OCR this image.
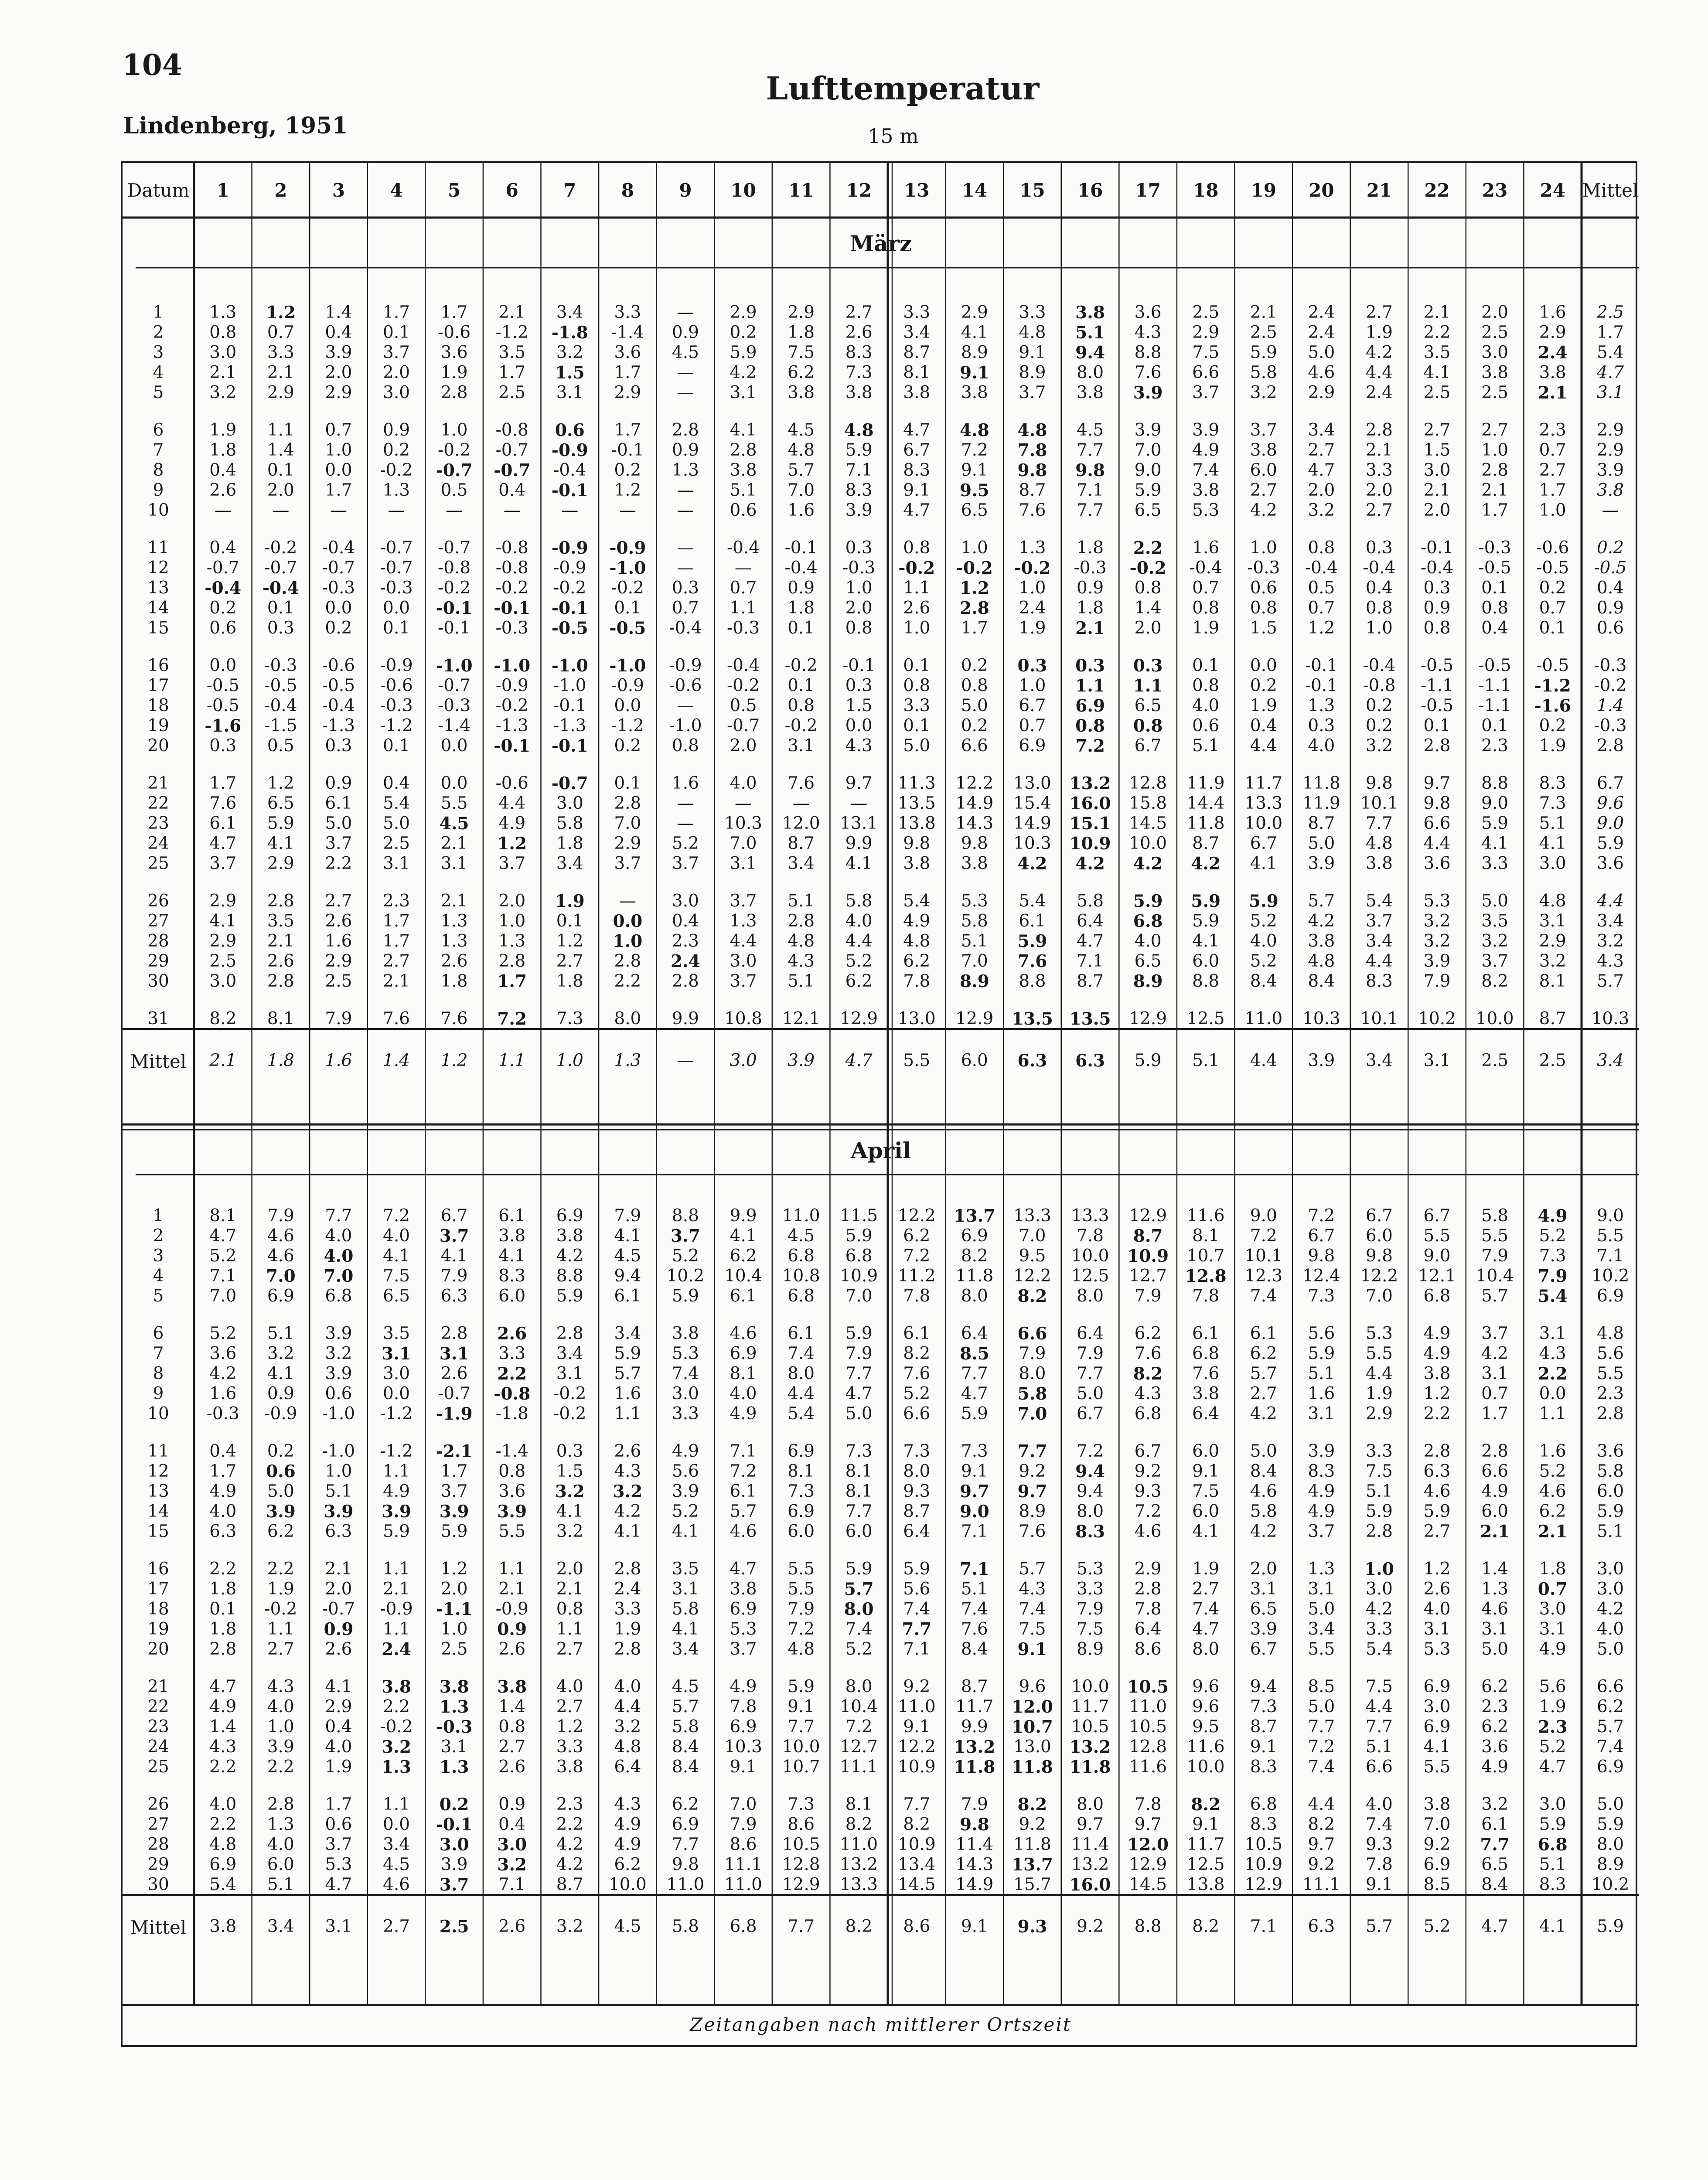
104
Lufttemperatur
Lindenberg, 1951	15 m
Datum	1	2	3	4	5	6	7	8	9	10	11	12	13	14	15	16	17	18	19	20	21	22	23	24 Mittel
März
1	1.3	1.2	1.4	1.7	1.7	2.1	3.4	3.3	—	2.9	2.9	2.7	3.3	2.9	3.3	3.8	3.6	2.5	2.1	2.4	2.7	2.1	2.0	1.6	2.5
2	0.8	0.7	0.4	0.1	-0.6	-1.2	-1.8	-1.4	0.9	0.2	1.8	2.6	3.4	4.1	4.8	5.1	4.3	2.9	2.5	2.4	1.9	2.2	2.5	2.9	1.7
3	3.0	3.3	3.9	3.7	3.6	3.5	3.2	3.6	4.5	5.9	7.5	8.3	8.7	8.9	9.1	9.4	8.8	7.5	5.9	5.0	4.2	3.5	3.0	2.4	5.4
4	2.1	2.1	2.0	2.0	1.9	1.7	1.5	1.7	—	4.2	6.2	7.3	8.1	9.1	8.9	8.0	7.6	6.6	5.8	4.6	4.4	4.1	3.8	3.8	4.7
5	3.2	2.9	2.9	3.0	2.8	2.5	3.1	2.9	—	3.1	3.8	3.8	3.8	3.8	3.7	3.8	3.9	3.7	3.2	2.9	2.4	2.5	2.5	2.1	3.1
6	1.9	1.1	0.7	0.9	1.0	-0.8	0.6	1.7	2.8	4.1	4.5	4.8	4.7	4.8	4.8	4.5	3.9	3.9	3.7	3.4	2.8	2.7	2.7	2.3	2.9
7	1.8	1.4	1.0	0.2	-0.2	-0.7	-0.9	-0.1	0.9	2.8	4.8	5.9	6.7	7.2	7.8	7.7	7.0	4.9	3.8	2.7	2.1	1.5	1.0	0.7	2.9
8	0.4	0.1	0.0	-0.2	-0.7	-0.7	-0.4	0.2	1.3	3.8	5.7	7.1	8.3	9.1	9.8	9.8	9.0	7.4	6.0	4.7	3.3	3.0	2.8	2.7	3.9
9	2.6	2.0	1.7	1.3	0.5	0.4	-0.1	1.2	—	5.1	7.0	8.3	9.1	9.5	8.7	7.1	5.9	3.8	2.7	2.0	2.0	2.1	2.1	1.7	3.8
10	—	—	—	—	—	—	—	—	—	0.6	1.6	3.9	4.7	6.5	7.6	7.7	6.5	5.3	4.2	3.2	2.7	2.0	1.7	1.0	—
11	0.4	-0.2	-0.4	-0.7	-0.7	-0.8	-0.9	-0.9	—	-0.4	-0.1	0.3	0.8	1.0	1.3	1.8	2.2	1.6	1.0	0.8	0.3	-0.1	-0.3	-0.6	0.2
12	-0.7	-0.7	-0.7	-0.7	-0.8	-0.8	-0.9	-1.0	—	—	-0.4	-0.3	-0.2	-0.2	-0.2	-0.3	-0.2	-0.4	-0.3	-0.4	-0.4	-0.4	-0.5	-0.5	-0.5
13	-0.4	-0.4	-0.3	-0.3	-0.2	-0.2	-0.2	-0.2	0.3	0.7	0.9	1.0	1.1	1.2	1.0	0.9	0.8	0.7	0.6	0.5	0.4	0.3	0.1	0.2	0.4
14	0.2	0.1	0.0	0.0	-0.1	-0.1	-0.1	0.1	0.7	1.1	1.8	2.0	2.6	2.8	2.4	1.8	1.4	0.8	0.8	0.7	0.8	0.9	0.8	0.7	0.9
15	0.6	0.3	0.2	0.1	-0.1	-0.3	-0.5	-0.5	-0.4	-0.3	0.1	0.8	1.0	1.7	1.9	2.1	2.0	1.9	1.5	1.2	1.0	0.8	0.4	0.1	0.6
16	0.0	-0.3	-0.6	-0.9	-1.0	-1.0	-1.0	-1.0	-0.9	-0.4	-0.2	-0.1	0.1	0.2	0.3	0.3	0.3	0.1	0.0	-0.1	-0.4	-0.5	-0.5	-0.5	-0.3
17	-0.5	-0.5	-0.5	-0.6	-0.7	-0.9	-1.0	-0.9	-0.6	-0.2	0.1	0.3	0.8	0.8	1.0	1.1	1.1	0.8	0.2	-0.1	-0.8	-1.1	-1.1	-1.2	-0.2
18	-0.5	-0.4	-0.4	-0.3	-0.3	-0.2	-0.1	0.0	—	0.5	0.8	1.5	3.3	5.0	6.7	6.9	6.5	4.0	1.9	1.3	0.2	-0.5	-1.1	-1.6	1.4
19	-1.6	-1.5	-1.3	-1.2	-1.4	-1.3	-1.3	-1.2	-1.0	-0.7	-0.2	0.0	0.1	0.2	0.7	0.8	0.8	0.6	0.4	0.3	0.2	0.1	0.1	0.2	-0.3
20	0.3	0.5	0.3	0.1	0.0	-0.1	-0.1	0.2	0.8	2.0	3.1	4.3	5.0	6.6	6.9	7.2	6.7	5.1	4.4	4.0	3.2	2.8	2.3	1.9	2.8
21	1.7	1.2	0.9	0.4	0.0	-0.6	-0.7	0.1	1.6	4.0	7.6	9.7	11.3	12.2	13.0	13.2	12.8	11.9	11.7	11.8	9.8	9.7	8.8	8.3	6.7
22	7.6	6.5	6.1	5.4	5.5	4.4	3.0	2.8	—	—	—	—	13.5	14.9	15.4	16.0	15.8	14.4	13.3	11.9	10.1	9.8	9.0	7.3	9.6
23	6.1	5.9	5.0	5.0	4.5	4.9	5.8	7.0	—	10.3	12.0	13.1	13.8	14.3	14.9	15.1	14.5	11.8	10.0	8.7	7.7	6.6	5.9	5.1	9.0
24	4.7	4.1	3.7	2.5	2.1	1.2	1.8	2.9	5.2	7.0	8.7	9.9	9.8	9.8	10.3	10.9	10.0	8.7	6.7	5.0	4.8	4.4	4.1	4.1	5.9
25	3.7	2.9	2.2	3.1	3.1	3.7	3.4	3.7	3.7	3.1	3.4	4.1	3.8	3.8	4.2	4.2	4.2	4.2	4.1	3.9	3.8	3.6	3.3	3.0	3.6
26	2.9	2.8	2.7	2.3	2.1	2.0	1.9	—	3.0	3.7	5.1	5.8	5.4	5.3	5.4	5.8	5.9	5.9	5.9	5.7	5.4	5.3	5.0	4.8	4.4
27	4.1	3.5	2.6	1.7	1.3	1.0	0.1	0.0	0.4	1.3	2.8	4.0	4.9	5.8	6.1	6.4	6.8	5.9	5.2	4.2	3.7	3.2	3.5	3.1	3.4
28	2.9	2.1	1.6	1.7	1.3	1.3	1.2	1.0	2.3	4.4	4.8	4.4	4.8	5.1	5.9	4.7	4.0	4.1	4.0	3.8	3.4	3.2	3.2	2.9	3.2
29	2.5	2.6	2.9	2.7	2.6	2.8	2.7	2.8	2.4	3.0	4.3	5.2	6.2	7.0	7.6	7.1	6.5	6.0	5.2	4.8	4.4	3.9	3.7	3.2	4.3
30	3.0	2.8	2.5	2.1	1.8	1.7	1.8	2.2	2.8	3.7	5.1	6.2	7.8	8.9	8.8	8.7	8.9	8.8	8.4	8.4	8.3	7.9	8.2	8.1	5.7
31	8.2	8.1	7.9	7.6	7.6	7.2	7.3	8.0	9.9	10.8	12.1	12.9	13.0	12.9	13.5 13.5	12.9	12.5	11.0	10.3	10.1	10.2	10.0	8.7	10.3
Mittel	2.1	1.8	1.6	1.4	1.2	1.1	1.0	1.3	—	3.0	3.9	4.7	5.5	6.0	6.3	6.3	5.9	5.1	4.4	3.9	3.4	3.1	2.5	2.5	3.4
April
1	8.1	7.9	7.7	7.2	6.7	6.1	6.9	7.9	8.8	9.9	11.0	11.5	12.2	13.7	13.3	13.3	12.9	11.6	9.0	7.2	6.7	6.7	5.8	4.9	9.0
2	4.7	4.6	4.0	4.0	3.7	3.8	3.8	4.1	3.7	4.1	4.5	5.9	6.2	6.9	7.0	7.8	8.7	8.1	7.2	6.7	6.0	5.5	5.5	5.2	5.5
3	5.2	4.6	4.0	4.1	4.1	4.1	4.2	4.5	5.2	6.2	6.8	6.8	7.2	8.2	9.5	10.0	10.9	10.7	10.1	9.8	9.8	9.0	7.9	7.3	7.1
4	7.1	7.0	7.0	7.5	7.9	8.3	8.8	9.4	10.2	10.4	10.8	10.9	11.2	11.8	12.2	12.5	12.7	12.8	12.3	12.4	12.2	12.1	10.4	7.9	10.2
5	7.0	6.9	6.8	6.5	6.3	6.0	5.9	6.1	5.9	6.1	6.8	7.0	7.8	8.0	8.2	8.0	7.9	7.8	7.4	7.3	7.0	6.8	5.7	5.4	6.9
6	5.2	5.1	3.9	3.5	2.8	2.6	2.8	3.4	3.8	4.6	6.1	5.9	6.1	6.4	6.6	6.4	6.2	6.1	6.1	5.6	5.3	4.9	3.7	3.1	4.8
7	3.6	3.2	3.2	3.1	3.1	3.3	3.4	5.9	5.3	6.9	7.4	7.9	8.2	8.5	7.9	7.9	7.6	6.8	6.2	5.9	5.5	4.9	4.2	4.3	5.6
8	4.2	4.1	3.9	3.0	2.6	2.2	3.1	5.7	7.4	8.1	8.0	7.7	7.6	7.7	8.0	7.7	8.2	7.6	5.7	5.1	4.4	3.8	3.1	2.2	5.5
9	1.6	0.9	0.6	0.0	-0.7	-0.8	-0.2	1.6	3.0	4.0	4.4	4.7	5.2	4.7	5.8	5.0	4.3	3.8	2.7	1.6	1.9	1.2	0.7	0.0	2.3
10	-0.3	-0.9	-1.0	-1.2	-1.9	-1.8	-0.2	1.1	3.3	4.9	5.4	5.0	6.6	5.9	7.0	6.7	6.8	6.4	4.2	3.1	2.9	2.2	1.7	1.1	2.8
11	0.4	0.2	-1.0	-1.2	-2.1	-1.4	0.3	2.6	4.9	7.1	6.9	7.3	7.3	7.3	7.7	7.2	6.7	6.0	5.0	3.9	3.3	2.8	2.8	1.6	3.6
12	1.7	0.6	1.0	1.1	1.7	0.8	1.5	4.3	5.6	7.2	8.1	8.1	8.0	9.1	9.2	9.4	9.2	9.1	8.4	8.3	7.5	6.3	6.6	5.2	5.8
13	4.9	5.0	5.1	4.9	3.7	3.6	3.2	3.2	3.9	6.1	7.3	8.1	9.3	9.7	9.7	9.4	9.3	7.5	4.6	4.9	5.1	4.6	4.9	4.6	6.0
14	4.0	3.9	3.9	3.9	3.9	3.9	4.1	4.2	5.2	5.7	6.9	7.7	8.7	9.0	8.9	8.0	7.2	6.0	5.8	4.9	5.9	5.9	6.0	6.2	5.9
15	6.3	6.2	6.3	5.9	5.9	5.5	3.2	4.1	4.1	4.6	6.0	6.0	6.4	7.1	7.6	8.3	4.6	4.1	4.2	3.7	2.8	2.7	2.1	2.1	5.1
16	2.2	2.2	2.1	1.1	1.2	1.1	2.0	2.8	3.5	4.7	5.5	5.9	5.9	7.1	5.7	5.3	2.9	1.9	2.0	1.3	1.0	1.2	1.4	1.8	3.0
17	1.8	1.9	2.0	2.1	2.0	2.1	2.1	2.4	3.1	3.8	5.5	5.7	5.6	5.1	4.3	3.3	2.8	2.7	3.1	3.1	3.0	2.6	1.3	0.7	3.0
18	0.1	-0.2	-0.7	-0.9	-1.1	-0.9	0.8	3.3	5.8	6.9	7.9	8.0	7.4	7.4	7.4	7.9	7.8	7.4	6.5	5.0	4.2	4.0	4.6	3.0	4.2
19	1.8	1.1	0.9	1.1	1.0	0.9	1.1	1.9	4.1	5.3	7.2	7.4	7.7	7.6	7.5	7.5	6.4	4.7	3.9	3.4	3.3	3.1	3.1	3.1	4.0
20	2.8	2.7	2.6	2.4	2.5	2.6	2.7	2.8	3.4	3.7	4.8	5.2	7.1	8.4	9.1	8.9	8.6	8.0	6.7	5.5	5.4	5.3	5.0	4.9	5.0
21	4.7	4.3	4.1	3.8	3.8	3.8	4.0	4.0	4.5	4.9	5.9	8.0	9.2	8.7	9.6	10.0	10.5	9.6	9.4	8.5	7.5	6.9	6.2	5.6	6.6
22	4.9	4.0	2.9	2.2	1.3	1.4	2.7	4.4	5.7	7.8	9.1	10.4	11.0	11.7	12.0	11.7	11.0	9.6	7.3	5.0	4.4	3.0	2.3	1.9	6.2
23	1.4	1.0	0.4	-0.2	-0.3	0.8	1.2	3.2	5.8	6.9	7.7	7.2	9.1	9.9	10.7	10.5	10.5	9.5	8.7	7.7	7.7	6.9	6.2	2.3	5.7
24	4.3	3.9	4.0	3.2	3.1	2.7	3.3	4.8	8.4	10.3	10.0	12.7	12.2	13.2	13.0	13.2	12.8	11.6	9.1	7.2	5.1	4.1	3.6	5.2	7.4
25	2.2	2.2	1.9	1.3	1.3	2.6	3.8	6.4	8.4	9.1	10.7	11.1	10.9	11.8 11.8 11.8	11.6	10.0	8.3	7.4	6.6	5.5	4.9	4.7	6.9
26	4.0	2.8	1.7	1.1	0.2	0.9	2.3	4.3	6.2	7.0	7.3	8.1	7.7	7.9	8.2	8.0	7.8	8.2	6.8	4.4	4.0	3.8	3.2	3.0	5.0
27	2.2	1.3	0.6	0.0	-0.1	0.4	2.2	4.9	6.9	7.9	8.6	8.2	8.2	9.8	9.2	9.7	9.7	9.1	8.3	8.2	7.4	7.0	6.1	5.9	5.9
28	4.8	4.0	3.7	3.4	3.0	3.0	4.2	4.9	7.7	8.6	10.5	11.0	10.9	11.4	11.8	11.4	12.0	11.7	10.5	9.7	9.3	9.2	7.7	6.8	8.0
29	6.9	6.0	5.3	4.5	3.9	3.2	4.2	6.2	9.8	11.1	12.8	13.2	13.4	14.3	13.7	13.2	12.9	12.5	10.9	9.2	7.8	6.9	6.5	5.1	8.9
30	5.4	5.1	4.7	4.6	3.7	7.1	8.7	10.0	11.0	11.0	12.9	13.3	14.5	14.9	15.7	16.0	14.5	13.8	12.9	11.1	9.1	8.5	8.4	8.3	10.2
Mittel	3.8	3.4	3.1	2.7	2.5	2.6	3.2	4.5	5.8	6.8	7.7	8.2	8.6	9.1	9.3	9.2	8.8	8.2	7.1	6.3	5.7	5.2	4.7	4.1	5.9
Zeitangaben nach mittlerer Ortszeit
